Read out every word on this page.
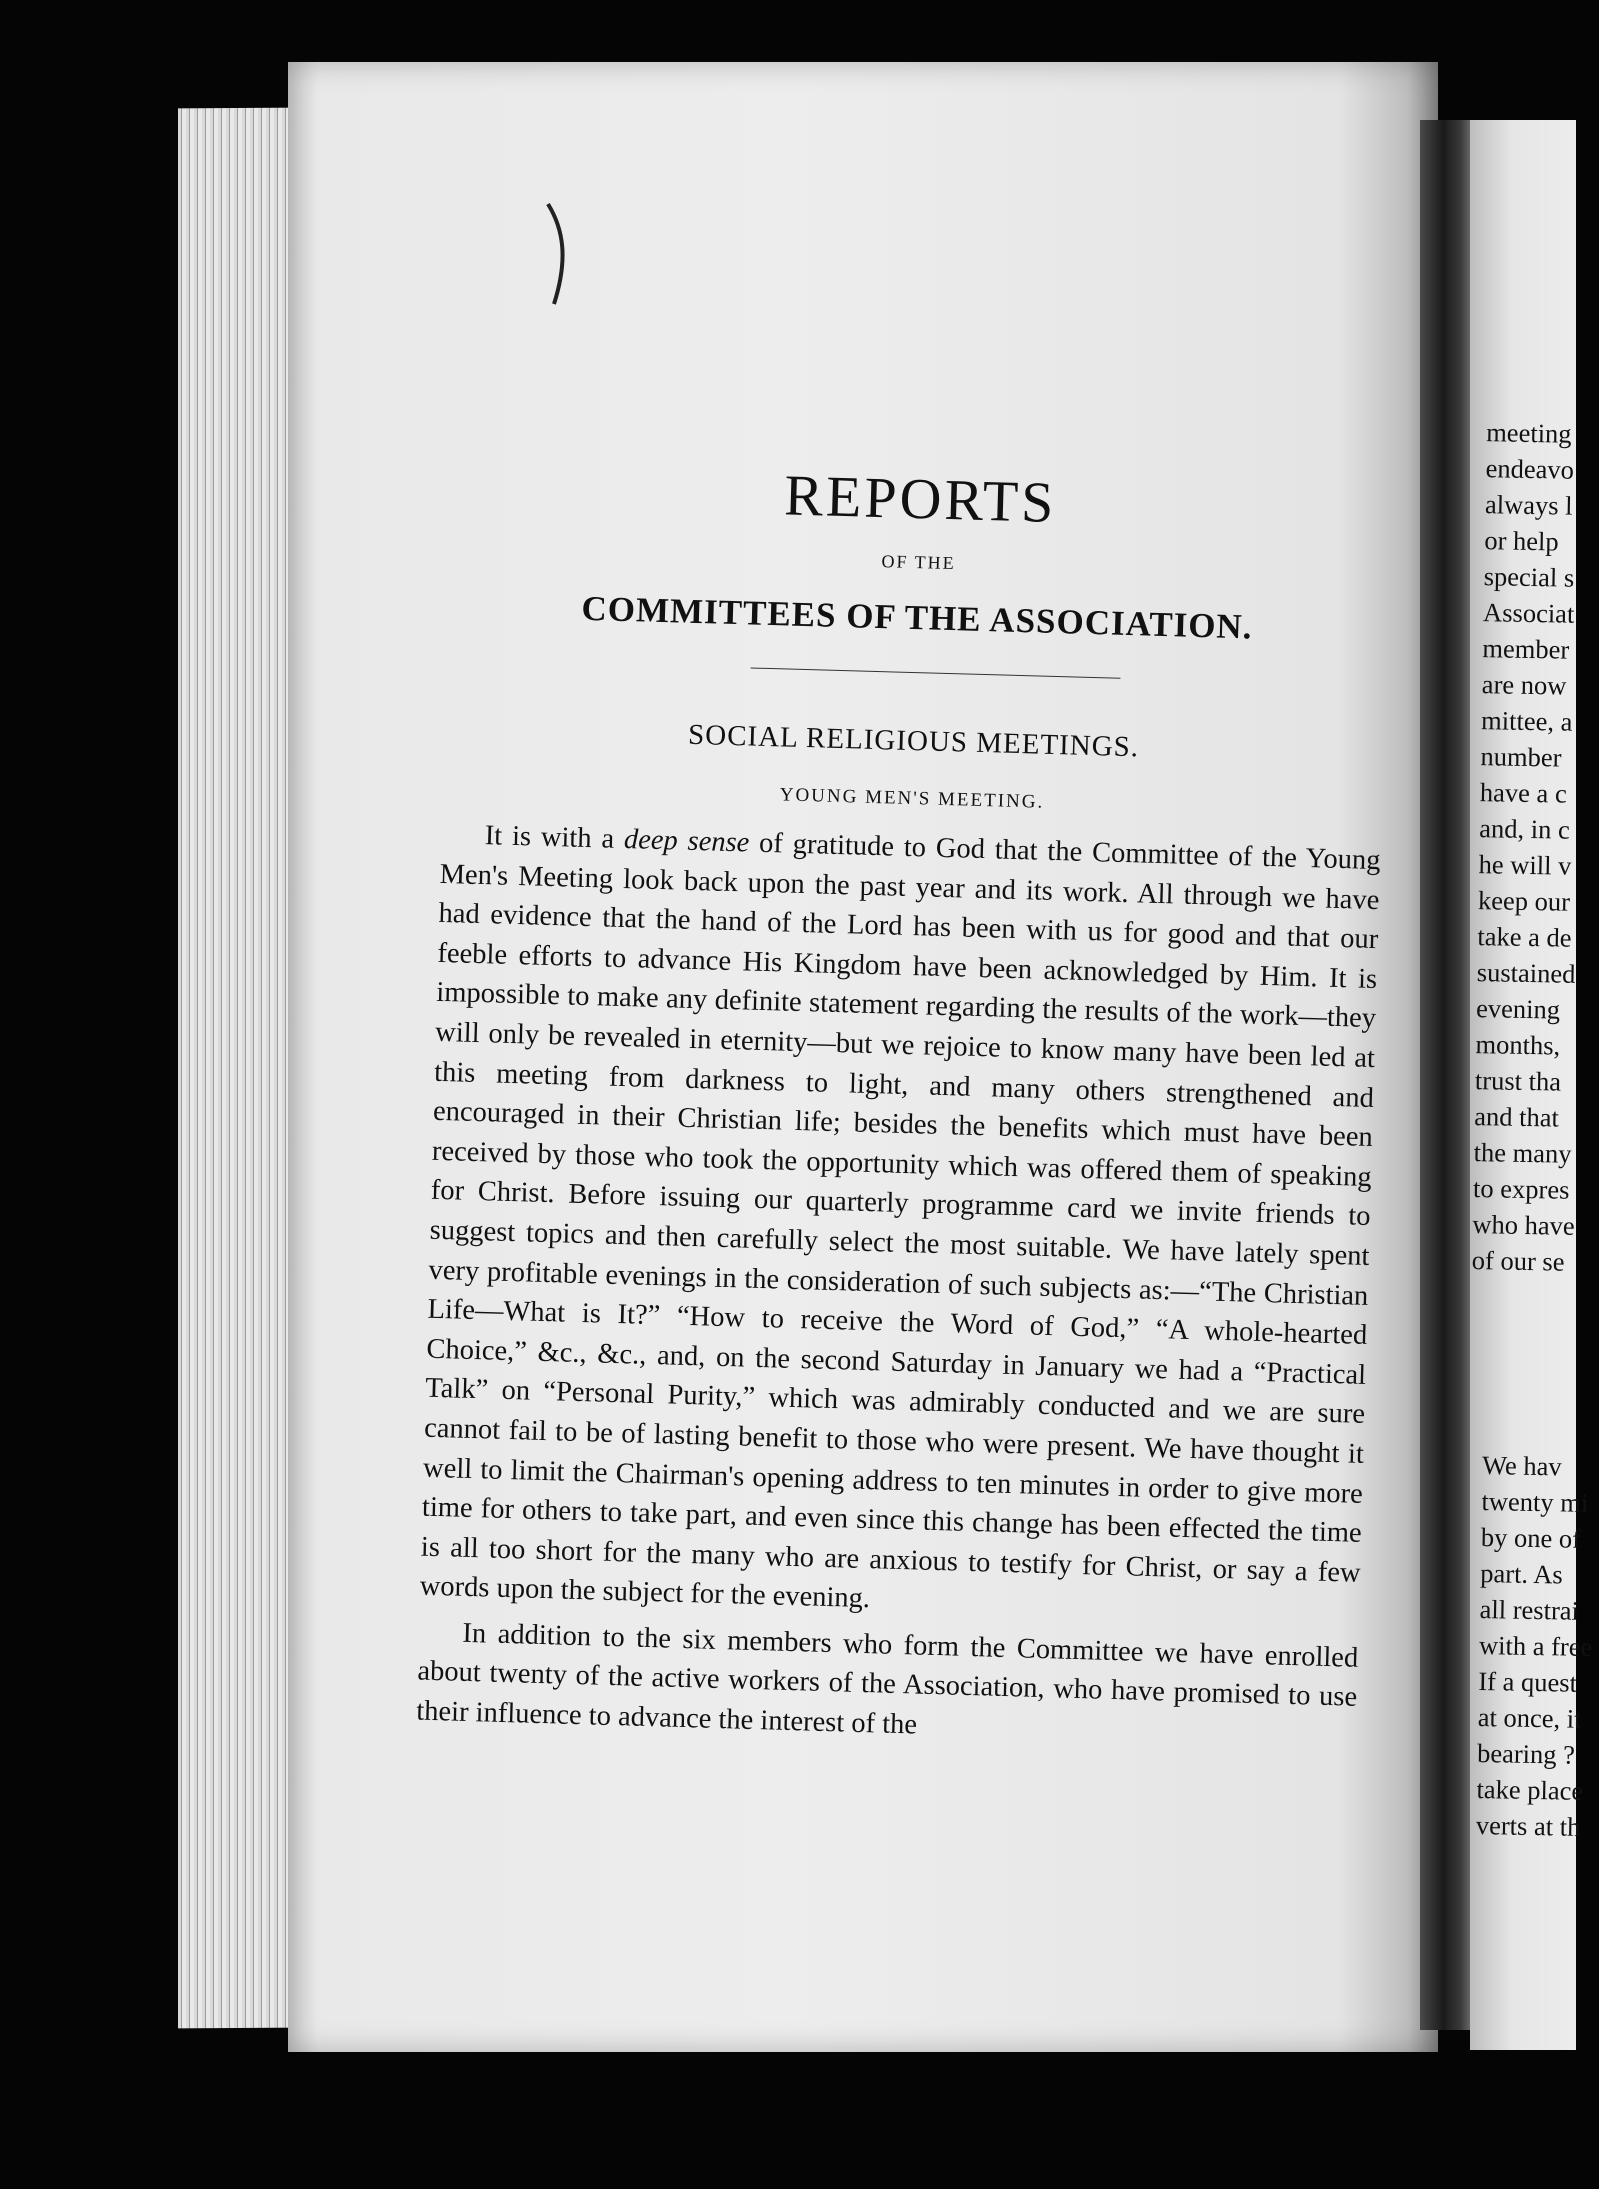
REPORTS
OF THE
COMMITTEES OF THE ASSOCIATION.
SOCIAL RELIGIOUS MEETINGS.
YOUNG MEN'S MEETING.

It is with a deep sense of gratitude to God that the Committee of the Young Men's Meeting look back upon the past year and its work. All through we have had evidence that the hand of the Lord has been with us for good and that our feeble efforts to advance His Kingdom have been acknowledged by Him. It is impossible to make any definite statement regarding the results of the work—they will only be revealed in eternity—but we rejoice to know many have been led at this meeting from darkness to light, and many others strengthened and encouraged in their Christian life; besides the benefits which must have been received by those who took the opportunity which was offered them of speaking for Christ. Before issuing our quarterly programme card we invite friends to suggest topics and then carefully select the most suitable. We have lately spent very profitable evenings in the consideration of such subjects as:—“The Christian Life—What is It?” “How to receive the Word of God,” “A whole-hearted Choice,” &c., &c., and, on the second Saturday in January we had a “Practical Talk” on “Personal Purity,” which was admirably conducted and we are sure cannot fail to be of lasting benefit to those who were present. We have thought it well to limit the Chairman's opening address to ten minutes in order to give more time for others to take part, and even since this change has been effected the time is all too short for the many who are anxious to testify for Christ, or say a few words upon the subject for the evening.

In addition to the six members who form the Committee we have enrolled about twenty of the active workers of the Association, who have promised to use their influence to advance the interest of the

meeting
endeavo
always l
or help
special s
Associat
member
are now
mittee, a
number
have a c
and, in c
he will v
keep our
take a de
sustained
evening
months,
trust tha
and that
the many
to expres
who have
of our se
We hav
twenty mi
by one of
part. As
all restrai
with a free
If a quest
at once, it
bearing ?
take place
verts at th
